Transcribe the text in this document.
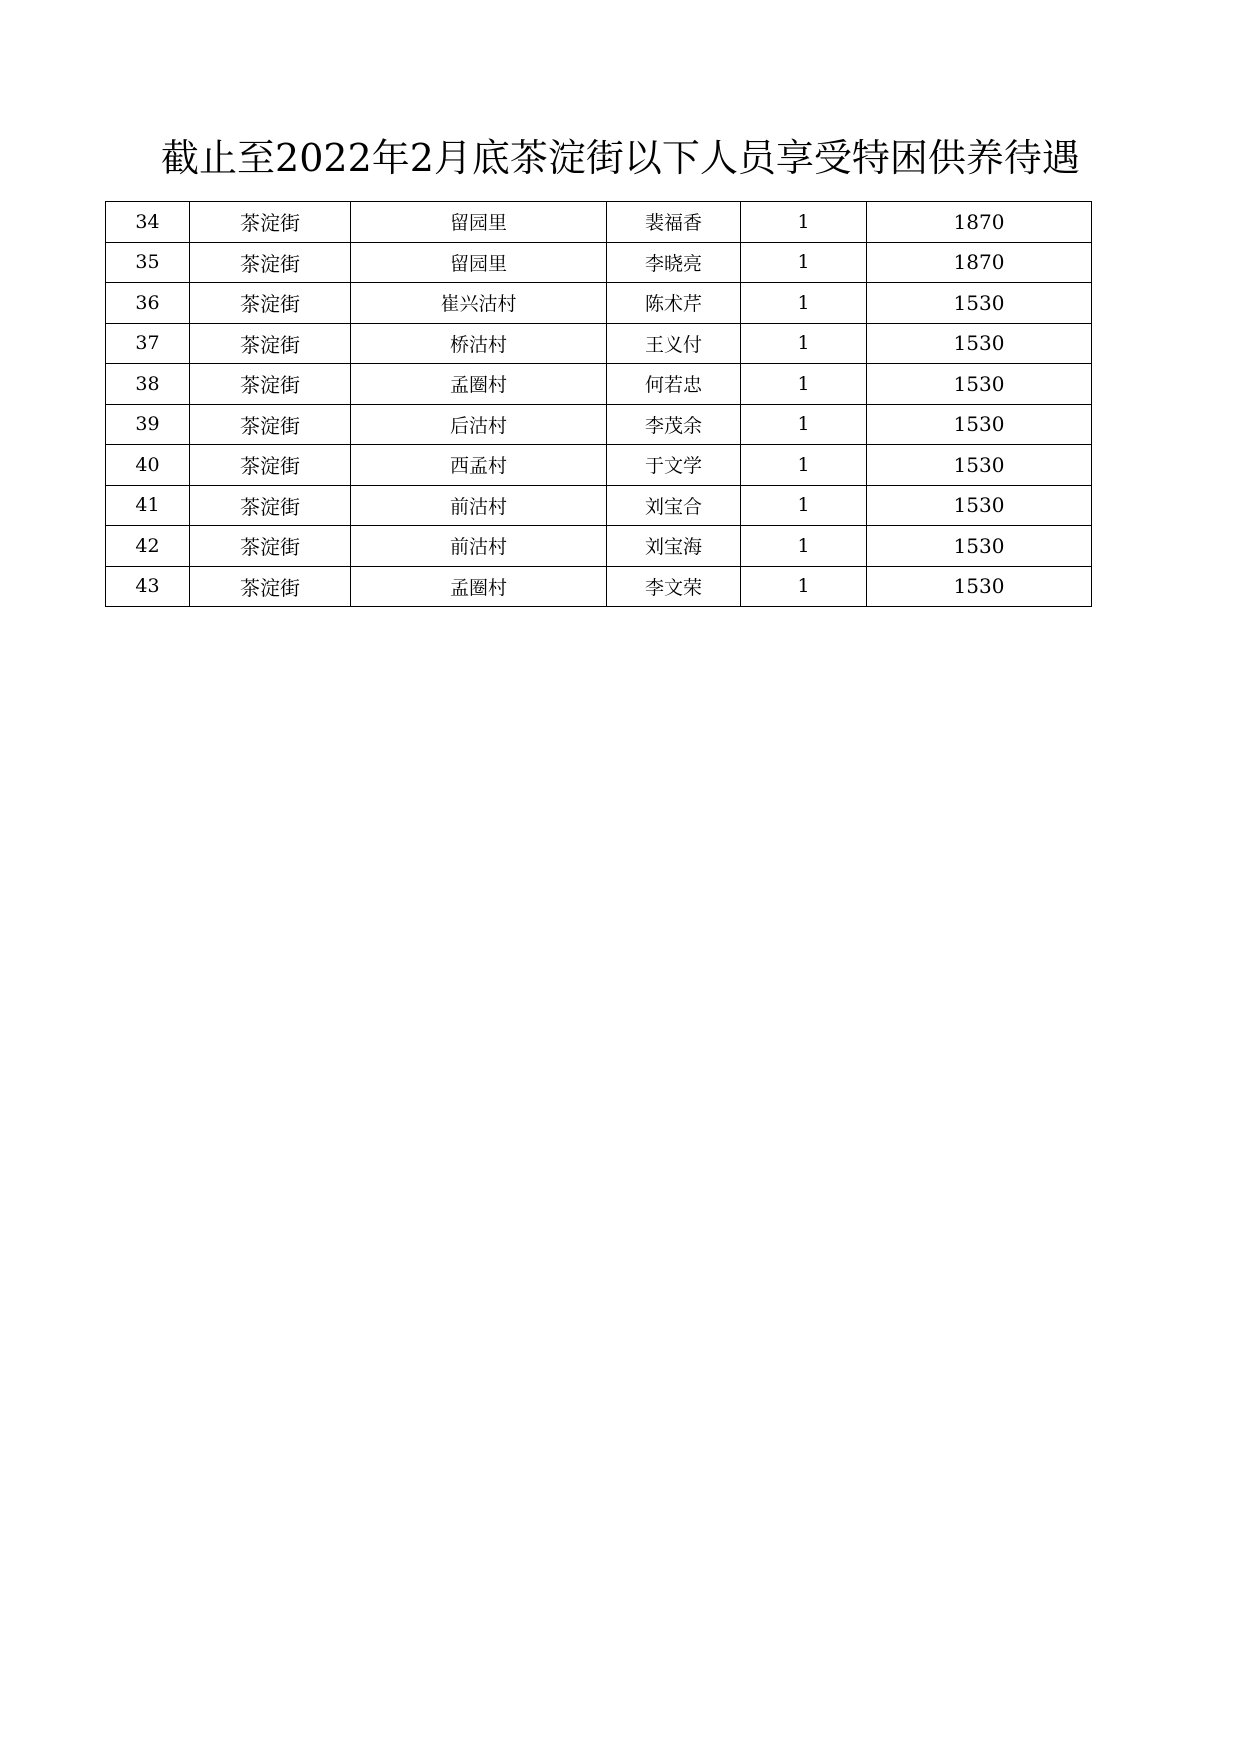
截止至2022年2月底茶淀街以下人员享受特困供养待遇
34	茶淀街	留园里	裴福香	1	1870
35	茶淀街	留园里	李晓亮	1	1870
36	茶淀街	崔兴沽村	陈术芹	1	1530
37	茶淀街	桥沽村	王义付	1	1530
38	茶淀街	孟圈村	何若忠	1	1530
39	茶淀街	后沽村	李茂余	1	1530
40	茶淀街	西孟村	于文学	1	1530
41	茶淀街	前沽村	刘宝合	1	1530
42	茶淀街	前沽村	刘宝海	1	1530
43	茶淀街	孟圈村	李文荣	1	1530
